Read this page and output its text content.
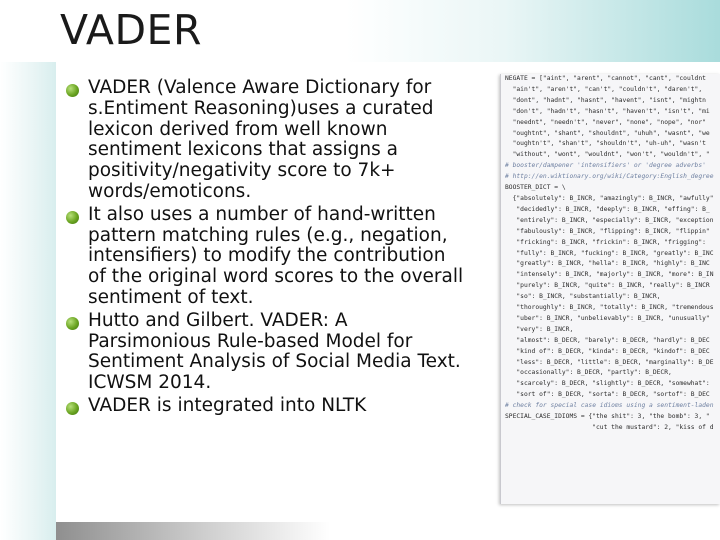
VADER
VADER (Valence Aware Dictionary for
s.Entiment Reasoning)uses a curated
lexicon derived from well known
sentiment lexicons that assigns a
positivity/negativity score to 7k+
words/emoticons.
It also uses a number of hand-written
pattern matching rules (e.g., negation,
intensifiers) to modify the contribution
of the original word scores to the overall
sentiment of text.
Hutto and Gilbert. VADER: A
Parsimonious Rule-based Model for
Sentiment Analysis of Social Media Text.
ICWSM 2014.
VADER is integrated into NLTK
NEGATE = ["aint", "arent", "cannot", "cant", "couldnt
"ain't", "aren't", "can't", "couldn't", "daren't",
"dont", "hadnt", "hasnt", "havent", "isnt", "mightn
"don't", "hadn't", "hasn't", "haven't", "isn't", "mi
"neednt", "needn't", "never", "none", "nope", "nor"
"oughtnt", "shant", "shouldnt", "uhuh", "wasnt", "we
"oughtn't", "shan't", "shouldn't", "uh-uh", "wasn't
"without", "wont", "wouldnt", "won't", "wouldn't", "
# booster/dampener 'intensifiers' or 'degree adverbs'
# http://en.wiktionary.org/wiki/Category:English_degree
BOOSTER_DICT = \
{"absolutely": B_INCR, "amazingly": B_INCR, "awfully"
"decidedly": B_INCR, "deeply": B_INCR, "effing": B_
"entirely": B_INCR, "especially": B_INCR, "exception
"fabulously": B_INCR, "flipping": B_INCR, "flippin"
"fricking": B_INCR, "frickin": B_INCR, "frigging":
"fully": B_INCR, "fucking": B_INCR, "greatly": B_INC
"greatly": B_INCR, "hella": B_INCR, "highly": B_INC
"intensely": B_INCR, "majorly": B_INCR, "more": B_IN
"purely": B_INCR, "quite": B_INCR, "really": B_INCR
"so": B_INCR, "substantially": B_INCR,
"thoroughly": B_INCR, "totally": B_INCR, "tremendous
"uber": B_INCR, "unbelievably": B_INCR, "unusually"
"very": B_INCR,
"almost": B_DECR, "barely": B_DECR, "hardly": B_DEC
"kind of": B_DECR, "kinda": B_DECR, "kindof": B_DEC
"less": B_DECR, "little": B_DECR, "marginally": B_DE
"occasionally": B_DECR, "partly": B_DECR,
"scarcely": B_DECR, "slightly": B_DECR, "somewhat":
"sort of": B_DECR, "sorta": B_DECR, "sortof": B_DEC
# check for special case idioms using a sentiment-laden
SPECIAL_CASE_IDIOMS = {"the shit": 3, "the bomb": 3, "
"cut the mustard": 2, "kiss of d
